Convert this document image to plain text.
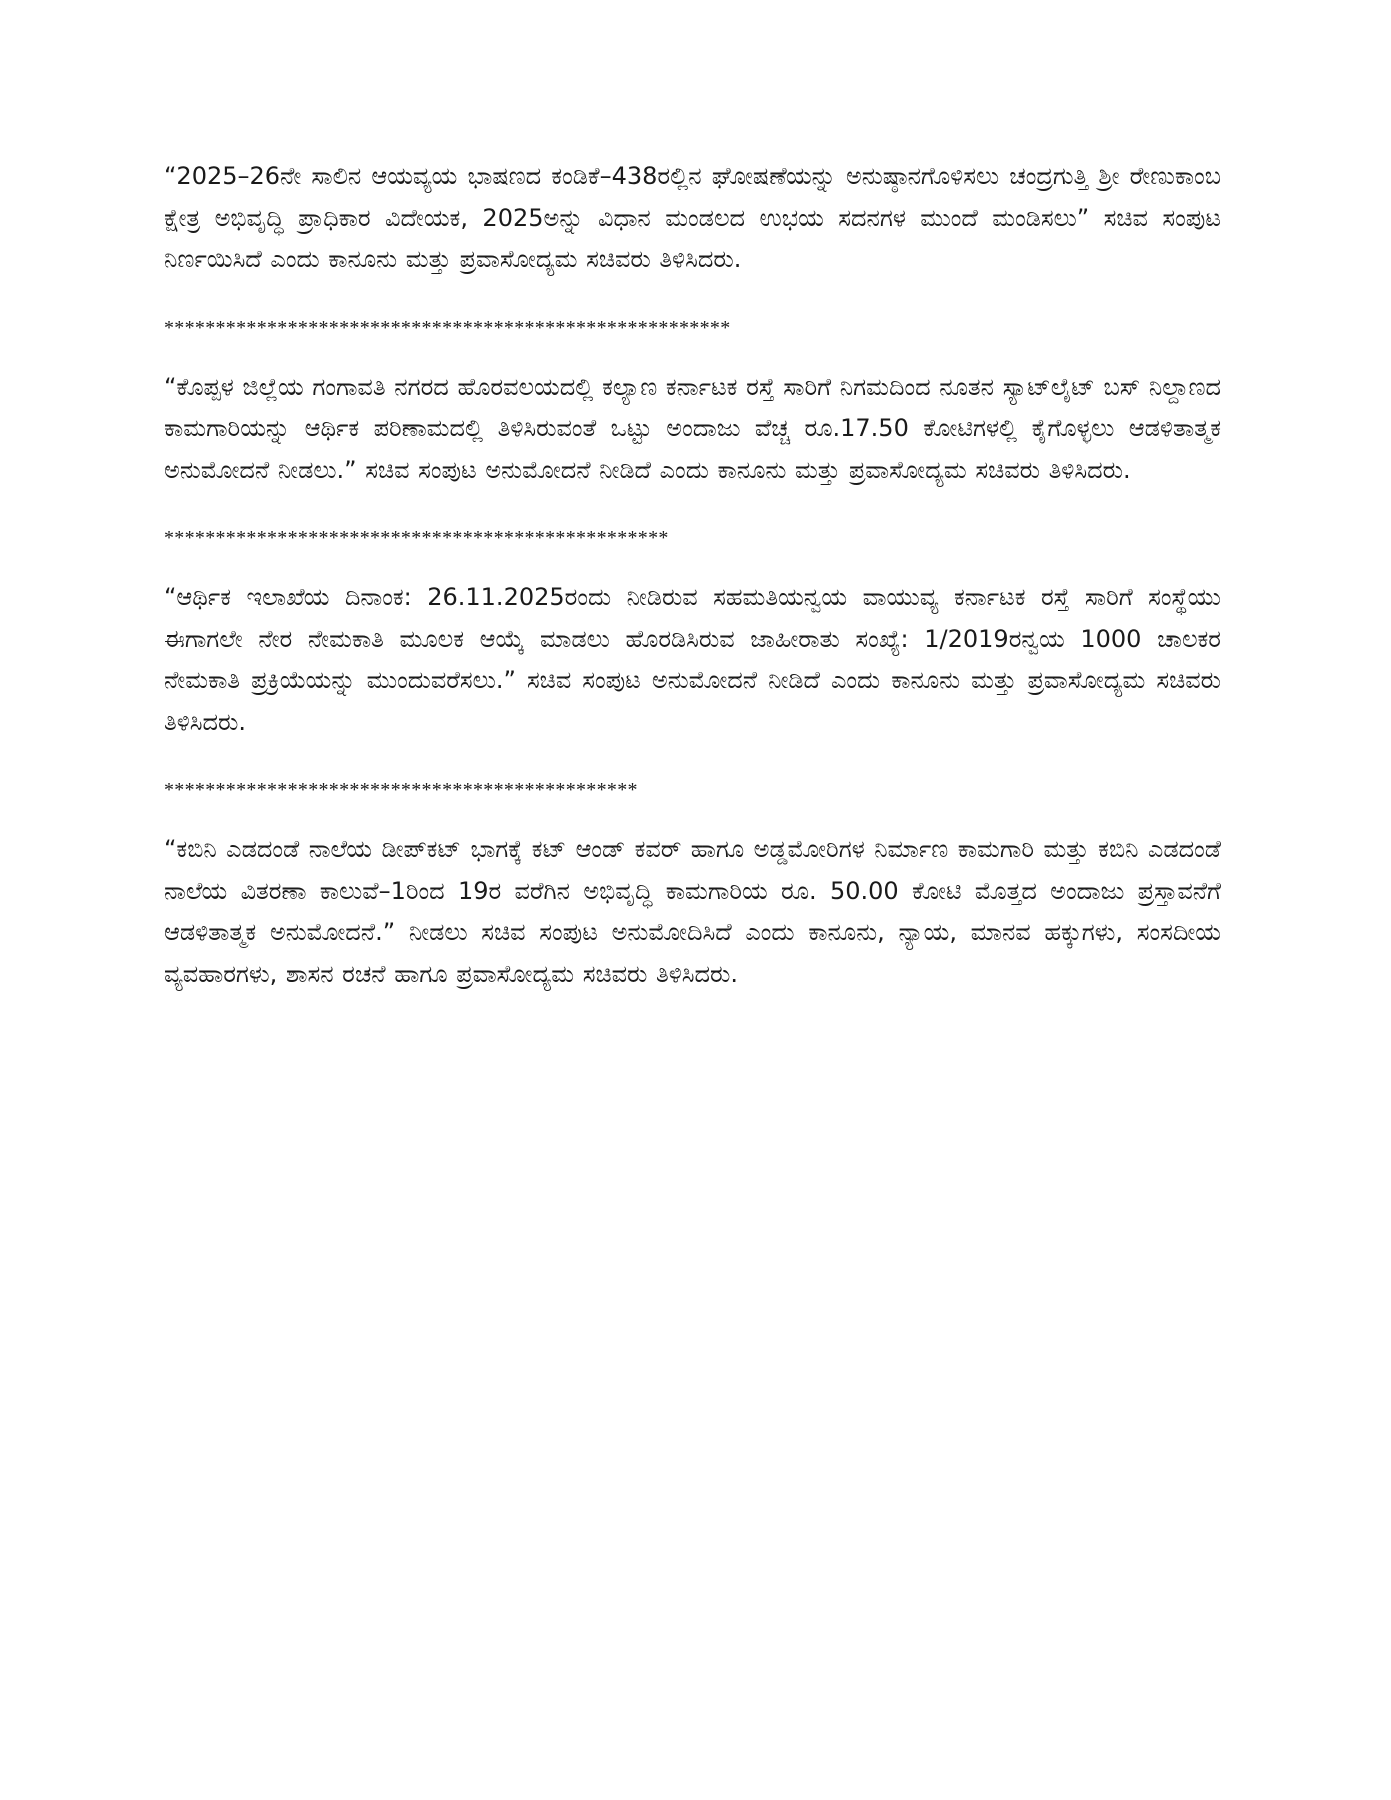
“2025–26ನೇ ಸಾಲಿನ ಆಯವ್ಯಯ ಭಾಷಣದ ಕಂಡಿಕೆ–438ರಲ್ಲಿನ ಘೋಷಣೆಯನ್ನು ಅನುಷ್ಠಾನಗೊಳಿಸಲು ಚಂದ್ರಗುತ್ತಿ ಶ್ರೀ ರೇಣುಕಾಂಬ ಕ್ಷೇತ್ರ ಅಭಿವೃದ್ಧಿ ಪ್ರಾಧಿಕಾರ ವಿದೇಯಕ, 2025ಅನ್ನು ವಿಧಾನ ಮಂಡಲದ ಉಭಯ ಸದನಗಳ ಮುಂದೆ ಮಂಡಿಸಲು” ಸಚಿವ ಸಂಪುಟ ನಿರ್ಣಯಿಸಿದೆ ಎಂದು ಕಾನೂನು ಮತ್ತು ಪ್ರವಾಸೋದ್ಯಮ ಸಚಿವರು ತಿಳಿಸಿದರು.

*******************************************************

“ಕೊಪ್ಪಳ ಜಿಲ್ಲೆಯ ಗಂಗಾವತಿ ನಗರದ ಹೊರವಲಯದಲ್ಲಿ ಕಲ್ಯಾಣ ಕರ್ನಾಟಕ ರಸ್ತೆ ಸಾರಿಗೆ ನಿಗಮದಿಂದ ನೂತನ ಸ್ಯಾಟ್‌ಲೈಟ್ ಬಸ್ ನಿಲ್ದಾಣದ ಕಾಮಗಾರಿಯನ್ನು ಆರ್ಥಿಕ ಪರಿಣಾಮದಲ್ಲಿ ತಿಳಿಸಿರುವಂತೆ ಒಟ್ಟು ಅಂದಾಜು ವೆಚ್ಚ ರೂ.17.50 ಕೋಟಿಗಳಲ್ಲಿ ಕೈಗೊಳ್ಳಲು ಆಡಳಿತಾತ್ಮಕ ಅನುಮೋದನೆ ನೀಡಲು.” ಸಚಿವ ಸಂಪುಟ ಅನುಮೋದನೆ ನೀಡಿದೆ ಎಂದು ಕಾನೂನು ಮತ್ತು ಪ್ರವಾಸೋದ್ಯಮ ಸಚಿವರು ತಿಳಿಸಿದರು.

*************************************************

“ಆರ್ಥಿಕ ಇಲಾಖೆಯ ದಿನಾಂಕ: 26.11.2025ರಂದು ನೀಡಿರುವ ಸಹಮತಿಯನ್ವಯ ವಾಯುವ್ಯ ಕರ್ನಾಟಕ ರಸ್ತೆ ಸಾರಿಗೆ ಸಂಸ್ಥೆಯು ಈಗಾಗಲೇ ನೇರ ನೇಮಕಾತಿ ಮೂಲಕ ಆಯ್ಕೆ ಮಾಡಲು ಹೊರಡಿಸಿರುವ ಜಾಹೀರಾತು ಸಂಖ್ಯೆ: 1/2019ರನ್ವಯ 1000 ಚಾಲಕರ ನೇಮಕಾತಿ ಪ್ರಕ್ರಿಯೆಯನ್ನು ಮುಂದುವರೆಸಲು.” ಸಚಿವ ಸಂಪುಟ ಅನುಮೋದನೆ ನೀಡಿದೆ ಎಂದು ಕಾನೂನು ಮತ್ತು ಪ್ರವಾಸೋದ್ಯಮ ಸಚಿವರು ತಿಳಿಸಿದರು.

**********************************************

“ಕಬಿನಿ ಎಡದಂಡೆ ನಾಲೆಯ ಡೀಪ್‌ಕಟ್ ಭಾಗಕ್ಕೆ ಕಟ್ ಆಂಡ್ ಕವರ್ ಹಾಗೂ ಅಡ್ಡಮೋರಿಗಳ ನಿರ್ಮಾಣ ಕಾಮಗಾರಿ ಮತ್ತು ಕಬಿನಿ ಎಡದಂಡೆ ನಾಲೆಯ ವಿತರಣಾ ಕಾಲುವೆ–1ರಿಂದ 19ರ ವರೆಗಿನ ಅಭಿವೃದ್ಧಿ ಕಾಮಗಾರಿಯ ರೂ. 50.00 ಕೋಟಿ ಮೊತ್ತದ ಅಂದಾಜು ಪ್ರಸ್ತಾವನೆಗೆ ಆಡಳಿತಾತ್ಮಕ ಅನುಮೋದನೆ.” ನೀಡಲು ಸಚಿವ ಸಂಪುಟ ಅನುಮೋದಿಸಿದೆ ಎಂದು ಕಾನೂನು, ನ್ಯಾಯ, ಮಾನವ ಹಕ್ಕುಗಳು, ಸಂಸದೀಯ ವ್ಯವಹಾರಗಳು, ಶಾಸನ ರಚನೆ ಹಾಗೂ ಪ್ರವಾಸೋದ್ಯಮ ಸಚಿವರು ತಿಳಿಸಿದರು.
